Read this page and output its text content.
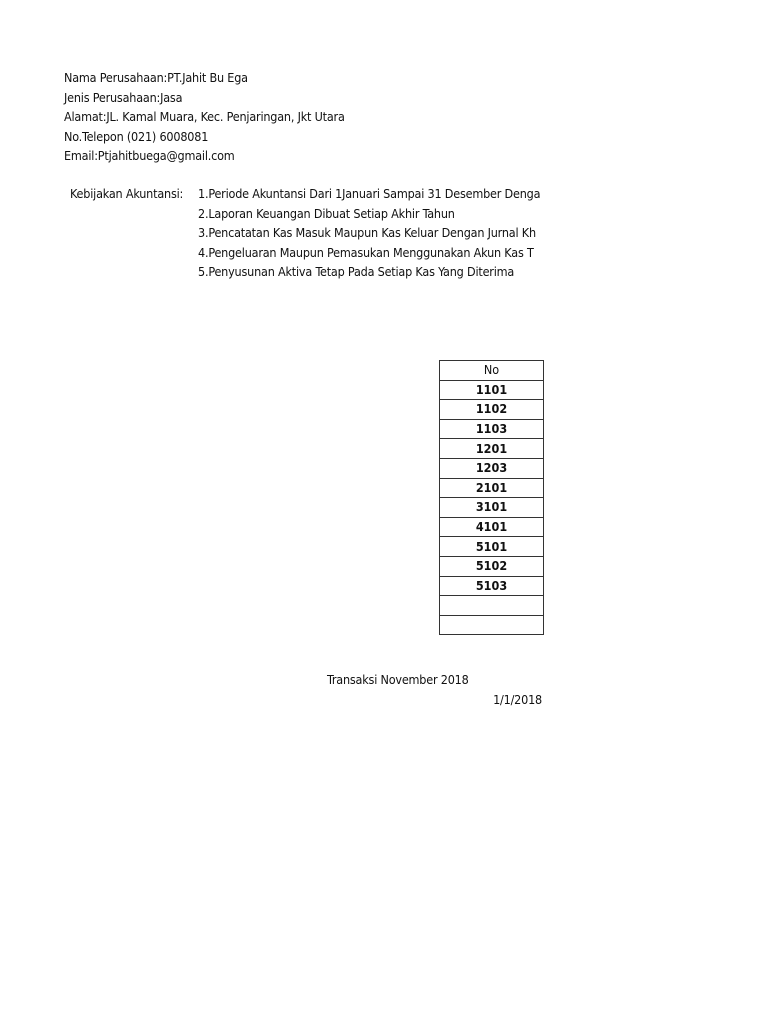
Nama Perusahaan:PT.Jahit Bu Ega
Jenis Perusahaan:Jasa
Alamat:JL. Kamal Muara, Kec. Penjaringan, Jkt Utara
No.Telepon (021) 6008081
Email:Ptjahitbuega@gmail.com
Kebijakan Akuntansi: 1.Periode Akuntansi Dari 1Januari Sampai 31 Desember Denga
2.Laporan Keuangan Dibuat Setiap Akhir Tahun
3.Pencatatan Kas Masuk Maupun Kas Keluar Dengan Jurnal Kh
4.Pengeluaran Maupun Pemasukan Menggunakan Akun Kas T
5.Penyusunan Aktiva Tetap Pada Setiap Kas Yang Diterima
No
1101
1102
1103
1201
1203
2101
3101
4101
5101
5102
5103

Transaksi November 2018
1/1/2018
